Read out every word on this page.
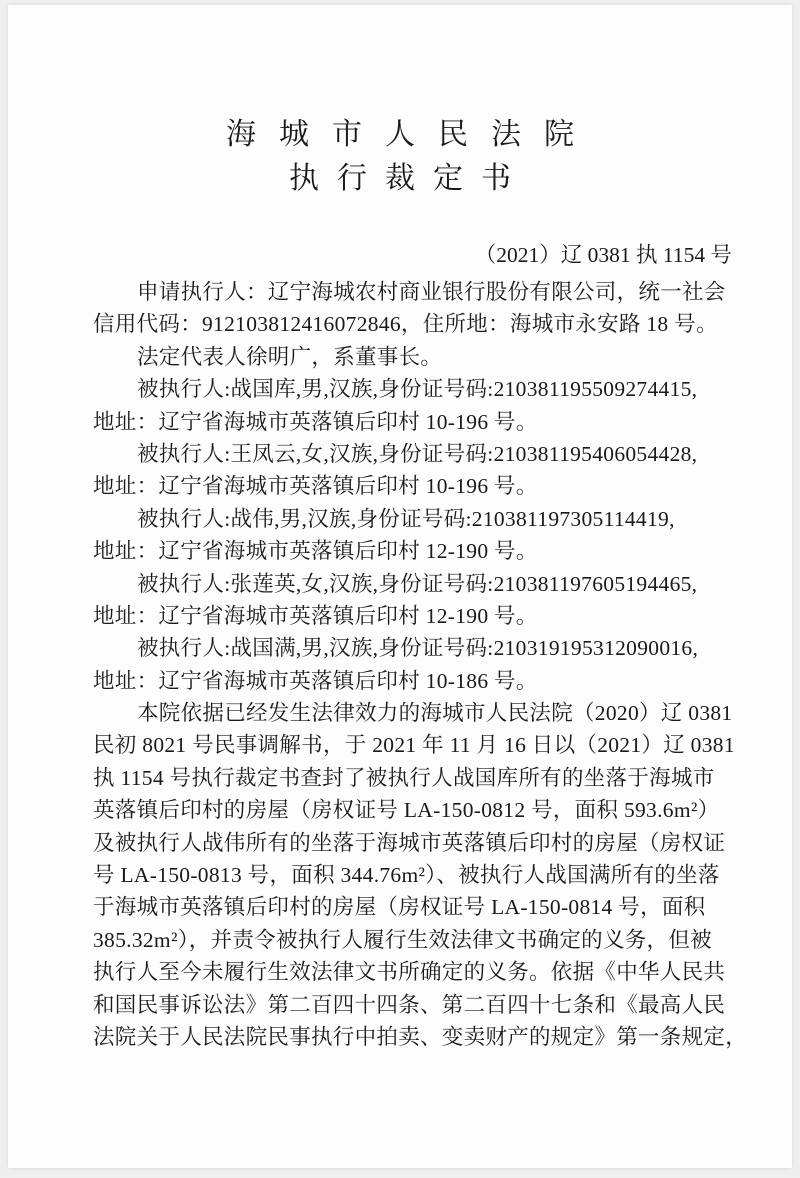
海城市人民法院
执行裁定书
（2021）辽 0381 执 1154 号
申请执行人：辽宁海城农村商业银行股份有限公司，统一社会
信用代码：912103812416072846，住所地：海城市永安路 18 号。
法定代表人徐明广，系董事长。
被执行人:战国库,男,汉族,身份证号码:210381195509274415,
地址：辽宁省海城市英落镇后印村 10-196 号。
被执行人:王凤云,女,汉族,身份证号码:210381195406054428,
地址：辽宁省海城市英落镇后印村 10-196 号。
被执行人:战伟,男,汉族,身份证号码:210381197305114419,
地址：辽宁省海城市英落镇后印村 12-190 号。
被执行人:张莲英,女,汉族,身份证号码:210381197605194465,
地址：辽宁省海城市英落镇后印村 12-190 号。
被执行人:战国满,男,汉族,身份证号码:210319195312090016,
地址：辽宁省海城市英落镇后印村 10-186 号。
本院依据已经发生法律效力的海城市人民法院（2020）辽 0381
民初 8021 号民事调解书，于 2021 年 11 月 16 日以（2021）辽 0381
执 1154 号执行裁定书查封了被执行人战国库所有的坐落于海城市
英落镇后印村的房屋（房权证号 LA-150-0812 号，面积 593.6m²）
及被执行人战伟所有的坐落于海城市英落镇后印村的房屋（房权证
号 LA-150-0813 号，面积 344.76m²）、被执行人战国满所有的坐落
于海城市英落镇后印村的房屋（房权证号 LA-150-0814 号，面积
385.32m²），并责令被执行人履行生效法律文书确定的义务，但被
执行人至今未履行生效法律文书所确定的义务。依据《中华人民共
和国民事诉讼法》第二百四十四条、第二百四十七条和《最高人民
法院关于人民法院民事执行中拍卖、变卖财产的规定》第一条规定，
